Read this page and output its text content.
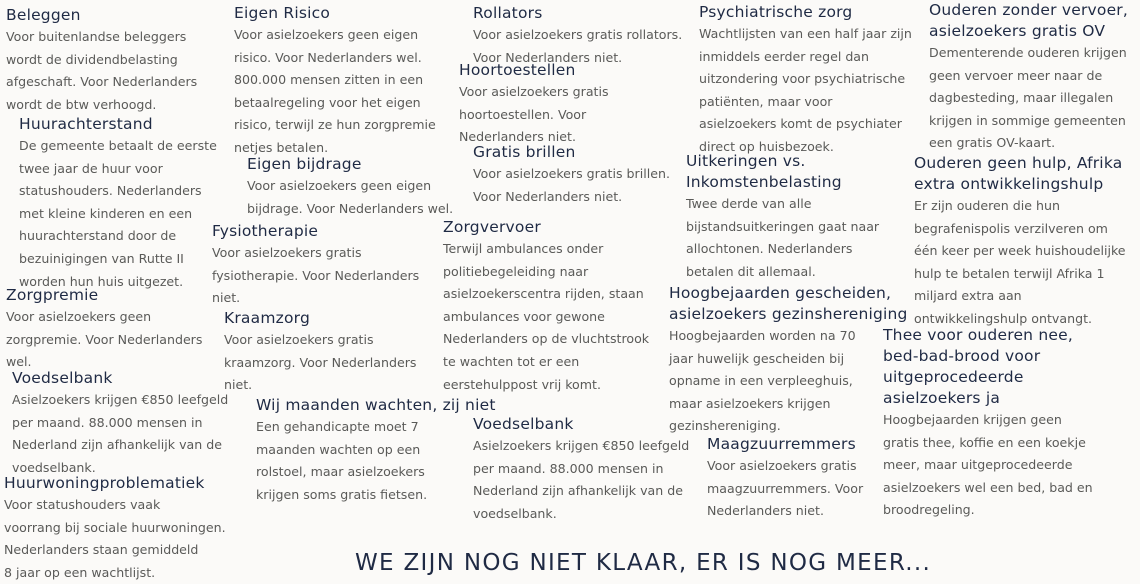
Beleggen

Voor buitenlandse beleggers
wordt de dividendbelasting
afgeschaft. Voor Nederlanders
wordt de btw verhoogd.

Huurachterstand

De gemeente betaalt de eerste
twee jaar de huur voor
statushouders. Nederlanders
met kleine kinderen en een
huurachterstand door de
bezuinigingen van Rutte II
worden hun huis uitgezet.

Zorgpremie

Voor asielzoekers geen
zorgpremie. Voor Nederlanders
wel.

Voedselbank

Asielzoekers krijgen €850 leefgeld
per maand. 88.000 mensen in
Nederland zijn afhankelijk van de
voedselbank.

Huurwoningproblematiek

Voor statushouders vaak
voorrang bij sociale huurwoningen.
Nederlanders staan gemiddeld
8 jaar op een wachtlijst.

Eigen Risico

Voor asielzoekers geen eigen
risico. Voor Nederlanders wel.
800.000 mensen zitten in een
betaalregeling voor het eigen
risico, terwijl ze hun zorgpremie
netjes betalen.

Eigen bijdrage

Voor asielzoekers geen eigen
bijdrage. Voor Nederlanders wel.

Fysiotherapie

Voor asielzoekers gratis
fysiotherapie. Voor Nederlanders
niet.

Kraamzorg

Voor asielzoekers gratis
kraamzorg. Voor Nederlanders
niet.

Wij maanden wachten, zij niet

Een gehandicapte moet 7
maanden wachten op een
rolstoel, maar asielzoekers
krijgen soms gratis fietsen.

Rollators

Voor asielzoekers gratis rollators.
Voor Nederlanders niet.

Hoortoestellen

Voor asielzoekers gratis
hoortoestellen. Voor
Nederlanders niet.

Gratis brillen

Voor asielzoekers gratis brillen.
Voor Nederlanders niet.

Zorgvervoer

Terwijl ambulances onder
politiebegeleiding naar
asielzoekerscentra rijden, staan
ambulances voor gewone
Nederlanders op de vluchtstrook
te wachten tot er een
eerstehulppost vrij komt.

Voedselbank

Asielzoekers krijgen €850 leefgeld
per maand. 88.000 mensen in
Nederland zijn afhankelijk van de
voedselbank.

Psychiatrische zorg

Wachtlijsten van een half jaar zijn
inmiddels eerder regel dan
uitzondering voor psychiatrische
patiënten, maar voor
asielzoekers komt de psychiater
direct op huisbezoek.

Uitkeringen vs.
Inkomstenbelasting

Twee derde van alle
bijstandsuitkeringen gaat naar
allochtonen. Nederlanders
betalen dit allemaal.

Hoogbejaarden gescheiden,
asielzoekers gezinshereniging

Hoogbejaarden worden na 70
jaar huwelijk gescheiden bij
opname in een verpleeghuis,
maar asielzoekers krijgen
gezinshereniging.

Maagzuurremmers

Voor asielzoekers gratis
maagzuurremmers. Voor
Nederlanders niet.

Ouderen zonder vervoer,
asielzoekers gratis OV

Dementerende ouderen krijgen
geen vervoer meer naar de
dagbesteding, maar illegalen
krijgen in sommige gemeenten
een gratis OV-kaart.

Ouderen geen hulp, Afrika
extra ontwikkelingshulp

Er zijn ouderen die hun
begrafenispolis verzilveren om
één keer per week huishoudelijke
hulp te betalen terwijl Afrika 1
miljard extra aan
ontwikkelingshulp ontvangt.

Thee voor ouderen nee,
bed-bad-brood voor
uitgeprocedeerde
asielzoekers ja

Hoogbejaarden krijgen geen
gratis thee, koffie en een koekje
meer, maar uitgeprocedeerde
asielzoekers wel een bed, bad en
broodregeling.

WE ZIJN NOG NIET KLAAR, ER IS NOG MEER...
